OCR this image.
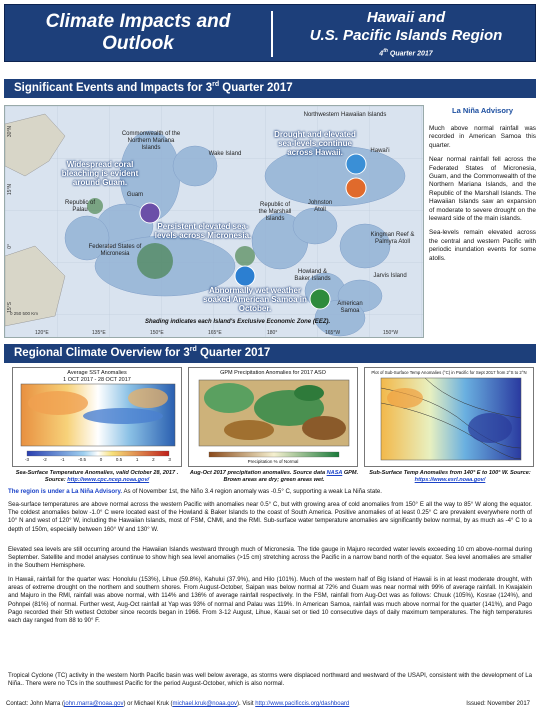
Climate Impacts and
Outlook
Hawaii and
U.S. Pacific Islands Region
4th Quarter 2017
Significant Events and Impacts for 3rd Quarter 2017
Commonwealth of the Northern Mariana Islands
Guam
Republic of Palau
Wake Island
Northwestern Hawaiian Islands
Hawai'i
Johnston Atoll
Republic of the Marshall Islands
Federated States of Micronesia
Howland & Baker Islands
Kingman Reef & Palmyra Atoll
Jarvis Island
American Samoa
Widespread coral bleaching is evident around Guam.
Drought and elevated sea-levels continue across Hawaii.
Persistent elevated sea-levels across Micronesia.
Abnormally wet weather soaked American Samoa in October.
Shading indicates each Island's Exclusive Economic Zone (EEZ).
0 250 500 Km
120°E	135°E	150°E	165°E	180°	165°W	150°W
30°N
15°N
0°
15°S
La Niña Advisory

Much above normal rainfall was recorded in American Samoa this quarter.

Near normal rainfall fell across the Federated States of Micronesia, Guam, and the Commonwealth of the Northern Mariana Islands, and the Republic of the Marshall Islands. The Hawaiian Islands saw an expansion of moderate to severe drought on the leeward side of the main islands.

Sea-levels remain elevated across the central and western Pacific with periodic inundation events for some atolls.

Regional Climate Overview for 3rd Quarter 2017
Average SST Anomalies
1 OCT 2017 - 28 OCT 2017
-3	-2	-1	-0.5	0	0.5	1	2	3
GPM Precipitation Anomalies for 2017 ASO
Precipitation % of Normal
Plot of Sub-Surface Temp Anomalies (°C) in Pacific for Sept 2017 from 2°S to 2°N
Sea-Surface Temperature Anomalies, valid October 28, 2017 . Source: http://www.cpc.ncep.noaa.gov/
Aug-Oct 2017 precipitation anomalies. Source data NASA GPM. Brown areas are dry; green areas wet.
Sub-Surface Temp Anomalies from 140° E to 100° W. Source: https://www.esrl.noaa.gov/
The region is under a La Niña Advisory. As of November 1st, the Niño 3.4 region anomaly was -0.5° C, supporting a weak La Niña state.
Sea-surface temperatures are above normal across the western Pacific with anomalies near 0.5° C, but with growing area of cold anomalies from 150° E all the way to 85° W along the equator. The coldest anomalies below -1.0° C were located east of the Howland & Baker Islands to the coast of South America. Positive anomalies of at least 0.25° C are prevalent everywhere north of 10° N and west of 120° W, including the Hawaiian Islands, most of FSM, CNMI, and the RMI. Sub-surface water temperature anomalies are significantly below normal, by as much as -4° C to a depth of 150m, especially between 160° W and 130° W.
Elevated sea levels are still occurring around the Hawaiian Islands westward through much of Micronesia. The tide gauge in Majuro recorded water levels exceeding 10 cm above-normal during September. Satellite and model analyses continue to show high sea level anomalies (>15 cm) stretching across the Pacific in a narrow band north of the equator. Sea level anomalies are smaller in the Southern Hemisphere.
In Hawaii, rainfall for the quarter was: Honolulu (153%), Lihue (59.8%), Kahului (37.9%), and Hilo (101%). Much of the western half of Big Island of Hawaii is in at least moderate drought, with areas of extreme drought on the northern and southern shores. From August-October, Saipan was below normal at 72% and Guam was near normal with 99% of average rainfall. In Kwajalein and Majuro in the RMI, rainfall was above normal, with 114% and 136% of average rainfall respectively. In the FSM, rainfall from Aug-Oct was as follows: Chuuk (105%), Kosrae (124%), and Pohnpei (81%) of normal. Further west, Aug-Oct rainfall at Yap was 93% of normal and Palau was 119%. In American Samoa, rainfall was much above normal for the quarter (141%), and Pago Pago recorded their 5th wettest October since records began in 1966. From 3-12 August, Lihue, Kauai set or tied 10 consecutive days of daily maximum temperatures. The high temperatures each day ranged from 88 to 90° F.
Tropical Cyclone (TC) activity in the western North Pacific basin was well below average, as storms were displaced northward and westward of the USAPI, consistent with the development of La Niña.. There were no TCs in the southwest Pacific for the period August-October, which is also normal.
Contact: John Marra (john.marra@noaa.gov) or Michael Kruk (michael.kruk@noaa.gov). Visit http://www.pacificcis.org/dashboard	Issued: November 2017
